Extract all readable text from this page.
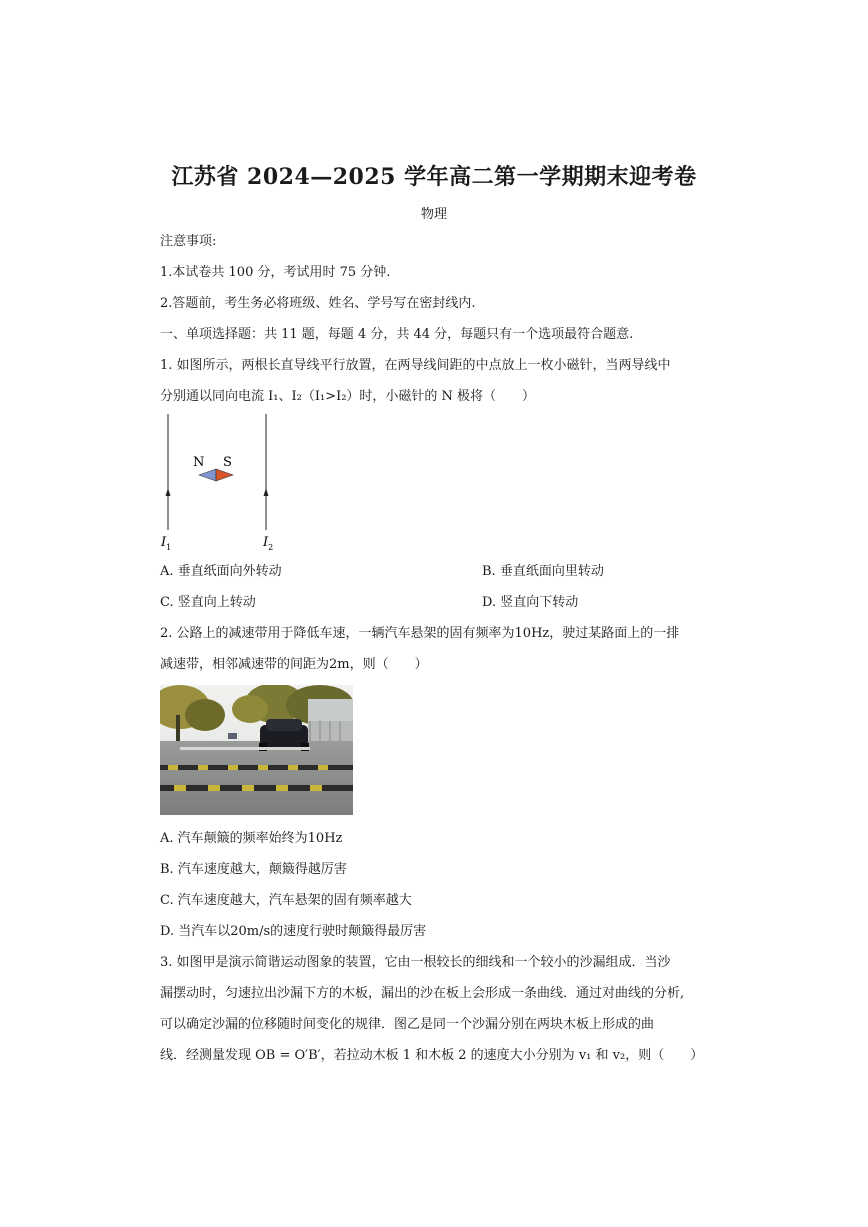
江苏省 2024—2025 学年高二第一学期期末迎考卷
物理
注意事项:
1.本试卷共 100 分，考试用时 75 分钟.
2.答题前，考生务必将班级、姓名、学号写在密封线内.
一、单项选择题：共 11 题，每题 4 分，共 44 分，每题只有一个选项最符合题意.
1. 如图所示，两根长直导线平行放置，在两导线间距的中点放上一枚小磁针，当两导线中
分别通以同向电流 I₁、I₂（I₁>I₂）时，小磁针的 N 极将（　　）
N S
$I_1$	$I_2$
A. 垂直纸面向外转动	B. 垂直纸面向里转动
C. 竖直向上转动	D. 竖直向下转动
2. 公路上的减速带用于降低车速，一辆汽车悬架的固有频率为10Hz，驶过某路面上的一排
减速带，相邻减速带的间距为2m，则（　　）
A. 汽车颠簸的频率始终为10Hz
B. 汽车速度越大，颠簸得越厉害
C. 汽车速度越大，汽车悬架的固有频率越大
D. 当汽车以20m/s的速度行驶时颠簸得最厉害
3. 如图甲是演示简谐运动图象的装置，它由一根较长的细线和一个较小的沙漏组成．当沙
漏摆动时，匀速拉出沙漏下方的木板，漏出的沙在板上会形成一条曲线．通过对曲线的分析,
可以确定沙漏的位移随时间变化的规律．图乙是同一个沙漏分别在两块木板上形成的曲
线．经测量发现 OB = O′B′，若拉动木板 1 和木板 2 的速度大小分别为 v₁ 和 v₂，则（　　）
